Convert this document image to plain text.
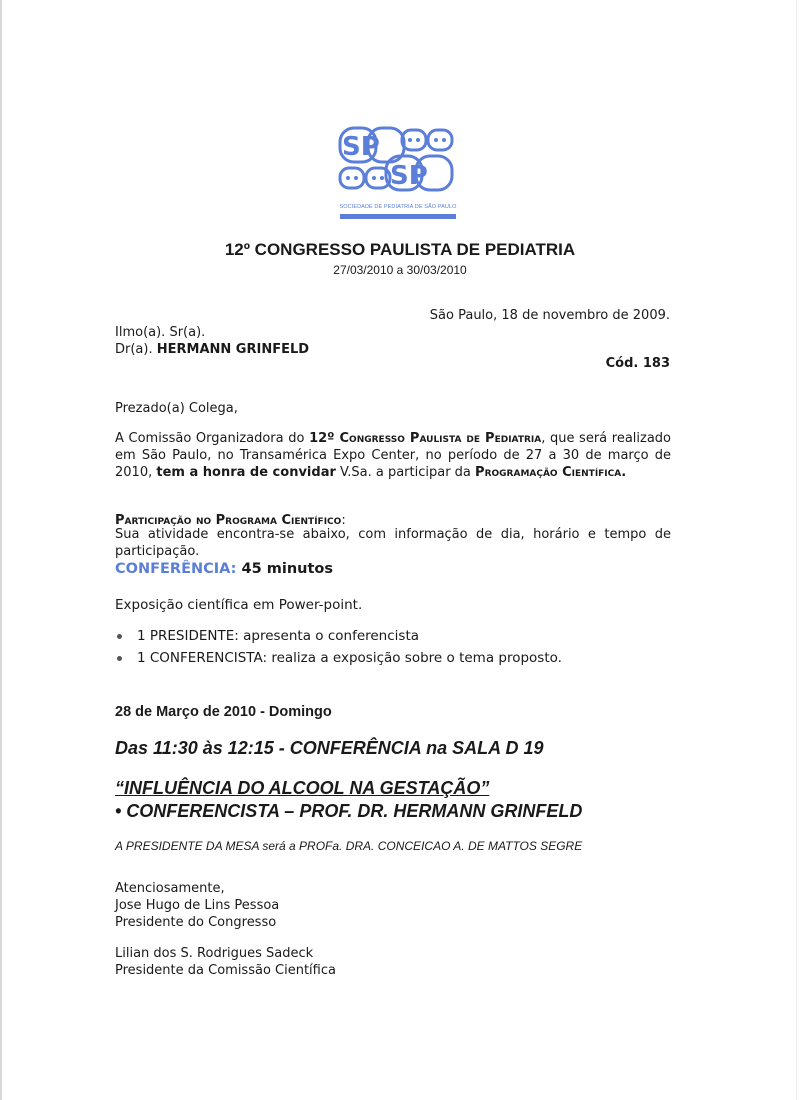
SP
SP
SOCIEDADE DE PEDIATRIA DE SÃO PAULO
12º CONGRESSO PAULISTA DE PEDIATRIA
27/03/2010 a 30/03/2010
São Paulo, 18 de novembro de 2009.
Ilmo(a). Sr(a).
Dr(a). HERMANN GRINFELD
Cód. 183
Prezado(a) Colega,
A Comissão Organizadora do 12º Congresso Paulista de Pediatria, que será realizado em São Paulo, no Transamérica Expo Center, no período de 27 a 30 de março de 2010, tem a honra de convidar V.Sa. a participar da Programação Científica.
Participação no Programa Científico:
Sua atividade encontra-se abaixo, com informação de dia, horário e tempo de participação.
CONFERÊNCIA: 45 minutos
Exposição científica em Power-point.
1 PRESIDENTE: apresenta o conferencista
1 CONFERENCISTA: realiza a exposição sobre o tema proposto.
28 de Março de 2010 - Domingo
Das 11:30 às 12:15 - CONFERÊNCIA na SALA D 19
“INFLUÊNCIA DO ALCOOL NA GESTAÇÃO”
• CONFERENCISTA – PROF. DR. HERMANN GRINFELD
A PRESIDENTE DA MESA será a PROFa. DRA. CONCEICAO A. DE MATTOS SEGRE
Atenciosamente,
Jose Hugo de Lins Pessoa
Presidente do Congresso
Lilian dos S. Rodrigues Sadeck
Presidente da Comissão Científica
